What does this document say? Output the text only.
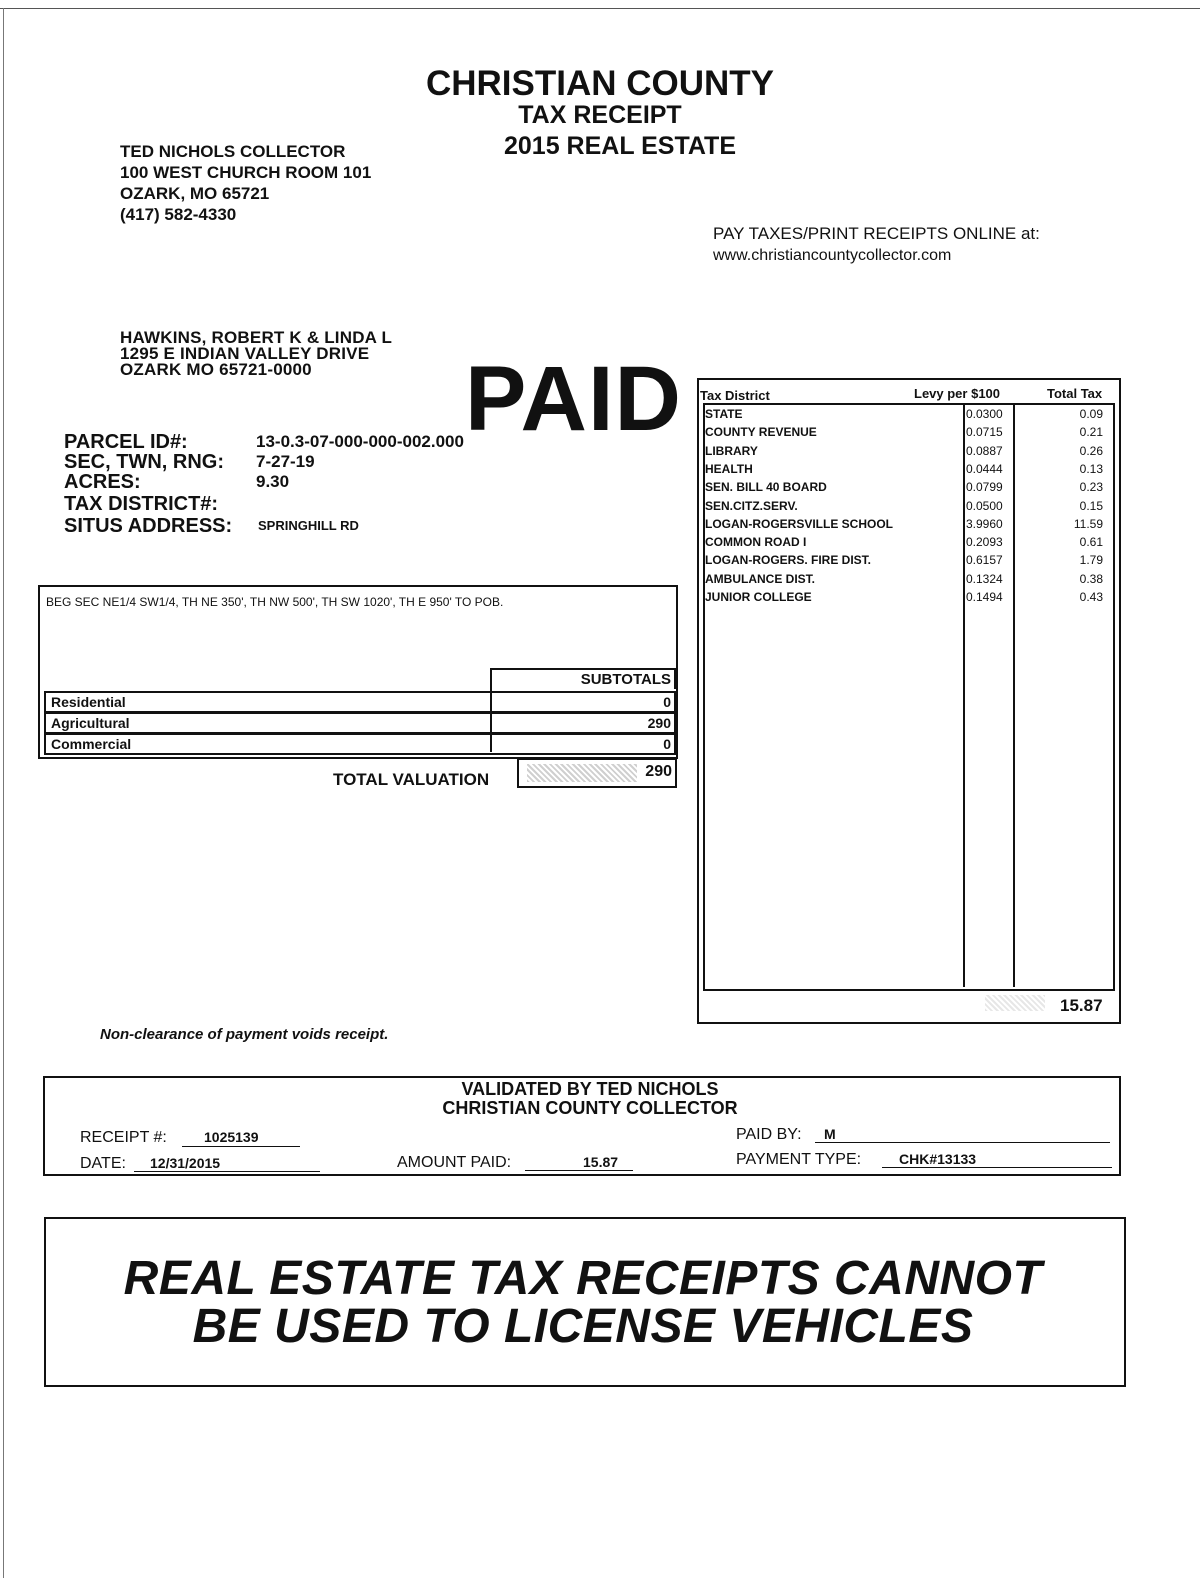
CHRISTIAN COUNTY
TAX RECEIPT
2015 REAL ESTATE
TED NICHOLS COLLECTOR
100 WEST CHURCH ROOM 101
OZARK, MO 65721
(417) 582-4330
PAY TAXES/PRINT RECEIPTS ONLINE at:
www.christiancountycollector.com
HAWKINS, ROBERT K & LINDA L
1295 E INDIAN VALLEY DRIVE
OZARK MO 65721-0000	PAID
PARCEL ID#:	13-0.3-07-000-000-002.000
SEC, TWN, RNG: 7-27-19
ACRES:	9.30
TAX DISTRICT#:
SITUS ADDRESS: SPRINGHILL RD
BEG SEC NE1/4 SW1/4, TH NE 350', TH NW 500', TH SW 1020', TH E 950' TO POB.
SUBTOTALS
Residential	0
Agricultural	290
Commercial	0
TOTAL VALUATION	290
Tax District	Levy per $100	Total Tax
STATE	0.0300	0.09
COUNTY REVENUE	0.0715	0.21
LIBRARY	0.0887	0.26
HEALTH	0.0444	0.13
SEN. BILL 40 BOARD	0.0799	0.23
SEN.CITZ.SERV.	0.0500	0.15
LOGAN-ROGERSVILLE SCHOOL	3.9960	11.59
COMMON ROAD I	0.2093	0.61
LOGAN-ROGERS. FIRE DIST.	0.6157	1.79
AMBULANCE DIST.	0.1324	0.38
JUNIOR COLLEGE	0.1494	0.43
15.87
Non-clearance of payment voids receipt.
VALIDATED BY TED NICHOLS
CHRISTIAN COUNTY COLLECTOR
RECEIPT #:	1025139
DATE: 12/31/2015	AMOUNT PAID:	15.87
PAID BY: M
PAYMENT TYPE:	CHK#13133
REAL ESTATE TAX RECEIPTS CANNOT
BE USED TO LICENSE VEHICLES
